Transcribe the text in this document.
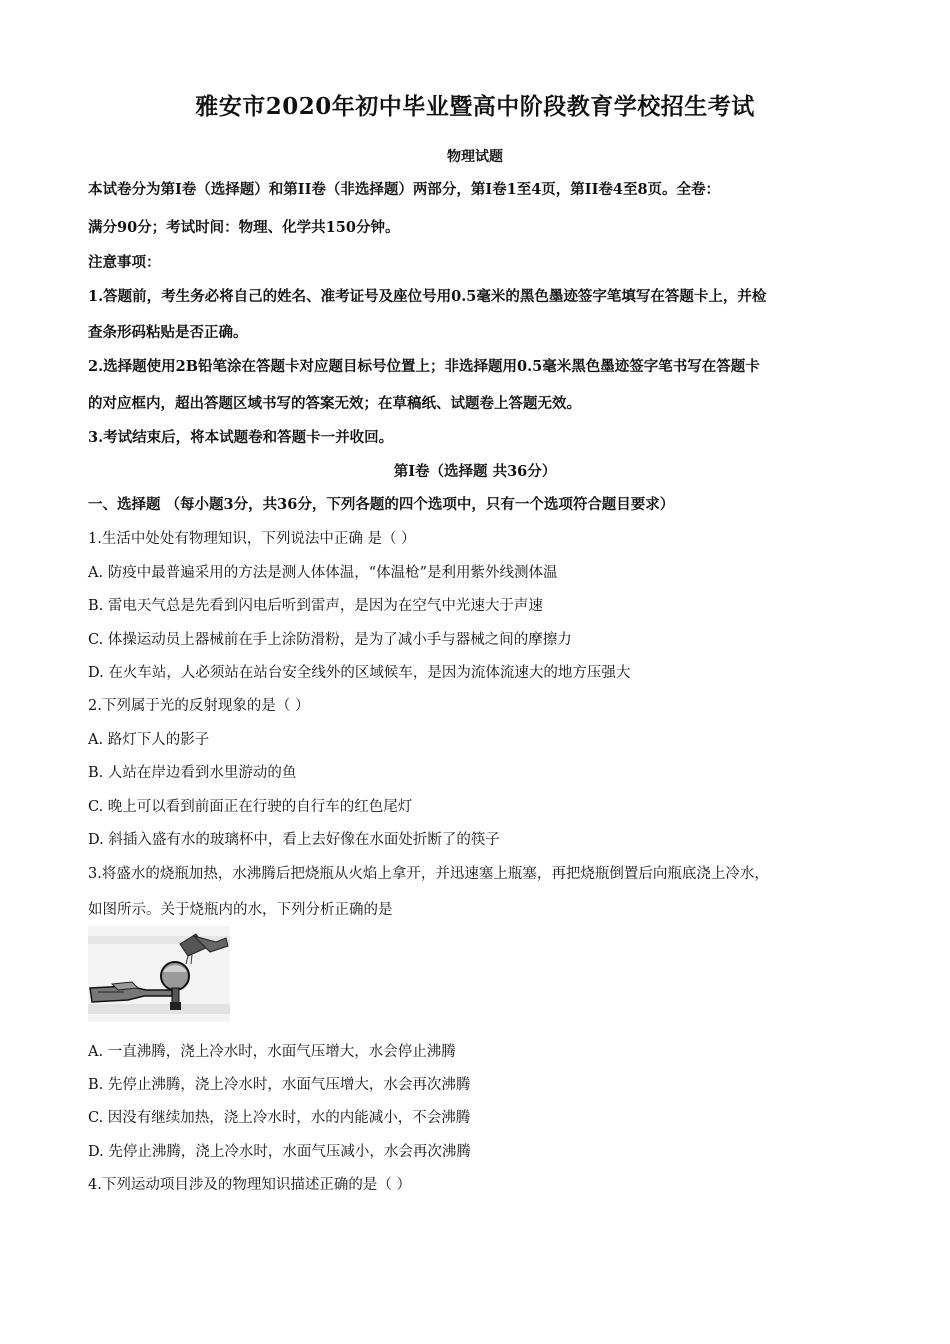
雅安市2020年初中毕业暨高中阶段教育学校招生考试
物理试题
本试卷分为第I卷（选择题）和第II卷（非选择题）两部分，第I卷1至4页，第II卷4至8页。全卷：
满分90分；考试时间：物理、化学共150分钟。
注意事项：
1.答题前，考生务必将自己的姓名、准考证号及座位号用0.5毫米的黑色墨迹签字笔填写在答题卡上，并检
查条形码粘贴是否正确。
2.选择题使用2B铅笔涂在答题卡对应题目标号位置上；非选择题用0.5毫米黑色墨迹签字笔书写在答题卡
的对应框内，超出答题区域书写的答案无效；在草稿纸、试题卷上答题无效。
3.考试结束后，将本试题卷和答题卡一并收回。
第I卷（选择题 共36分）
一、选择题 （每小题3分，共36分，下列各题的四个选项中，只有一个选项符合题目要求）
1.生活中处处有物理知识，下列说法中正确 是（ ）
A. 防疫中最普遍采用的方法是测人体体温，“体温枪”是利用紫外线测体温
B. 雷电天气总是先看到闪电后听到雷声，是因为在空气中光速大于声速
C. 体操运动员上器械前在手上涂防滑粉，是为了减小手与器械之间的摩擦力
D. 在火车站，人必须站在站台安全线外的区域候车，是因为流体流速大的地方压强大
2.下列属于光的反射现象的是（ ）
A. 路灯下人的影子
B. 人站在岸边看到水里游动的鱼
C. 晚上可以看到前面正在行驶的自行车的红色尾灯
D. 斜插入盛有水的玻璃杯中，看上去好像在水面处折断了的筷子
3.将盛水的烧瓶加热，水沸腾后把烧瓶从火焰上拿开，并迅速塞上瓶塞，再把烧瓶倒置后向瓶底浇上冷水，
如图所示。关于烧瓶内的水，下列分析正确的是
A. 一直沸腾，浇上冷水时，水面气压增大，水会停止沸腾
B. 先停止沸腾，浇上冷水时，水面气压增大，水会再次沸腾
C. 因没有继续加热，浇上冷水时，水的内能减小，不会沸腾
D. 先停止沸腾，浇上冷水时，水面气压减小，水会再次沸腾
4.下列运动项目涉及的物理知识描述正确的是（ ）
